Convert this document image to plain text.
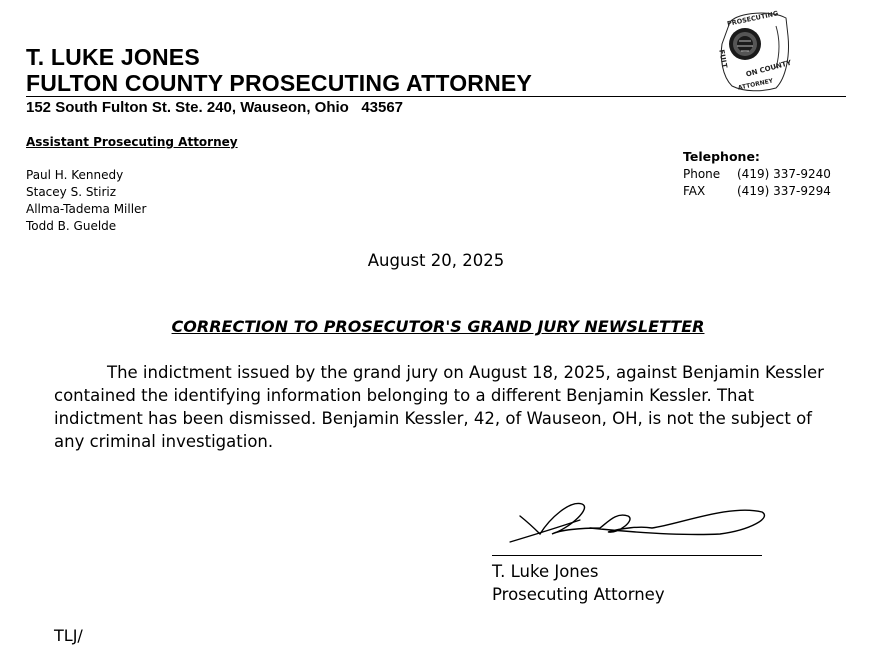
T. LUKE JONES
FULTON COUNTY PROSECUTING ATTORNEY
152 South Fulton St. Ste. 240, Wauseon, Ohio   43567
PROSECUTING
ON COUNTY
FULT
ATTORNEY
Assistant Prosecuting Attorney
Paul H. Kennedy
Stacey S. Stiriz
Allma-Tadema Miller
Todd B. Guelde
Telephone:
Phone (419) 337-9240
FAX	(419) 337-9294
August 20, 2025
CORRECTION TO PROSECUTOR'S GRAND JURY NEWSLETTER
The indictment issued by the grand jury on August 18, 2025, against Benjamin Kessler contained the identifying information belonging to a different Benjamin Kessler. That indictment has been dismissed. Benjamin Kessler, 42, of Wauseon, OH, is not the subject of any criminal investigation.
T. Luke Jones
Prosecuting Attorney
TLJ/
